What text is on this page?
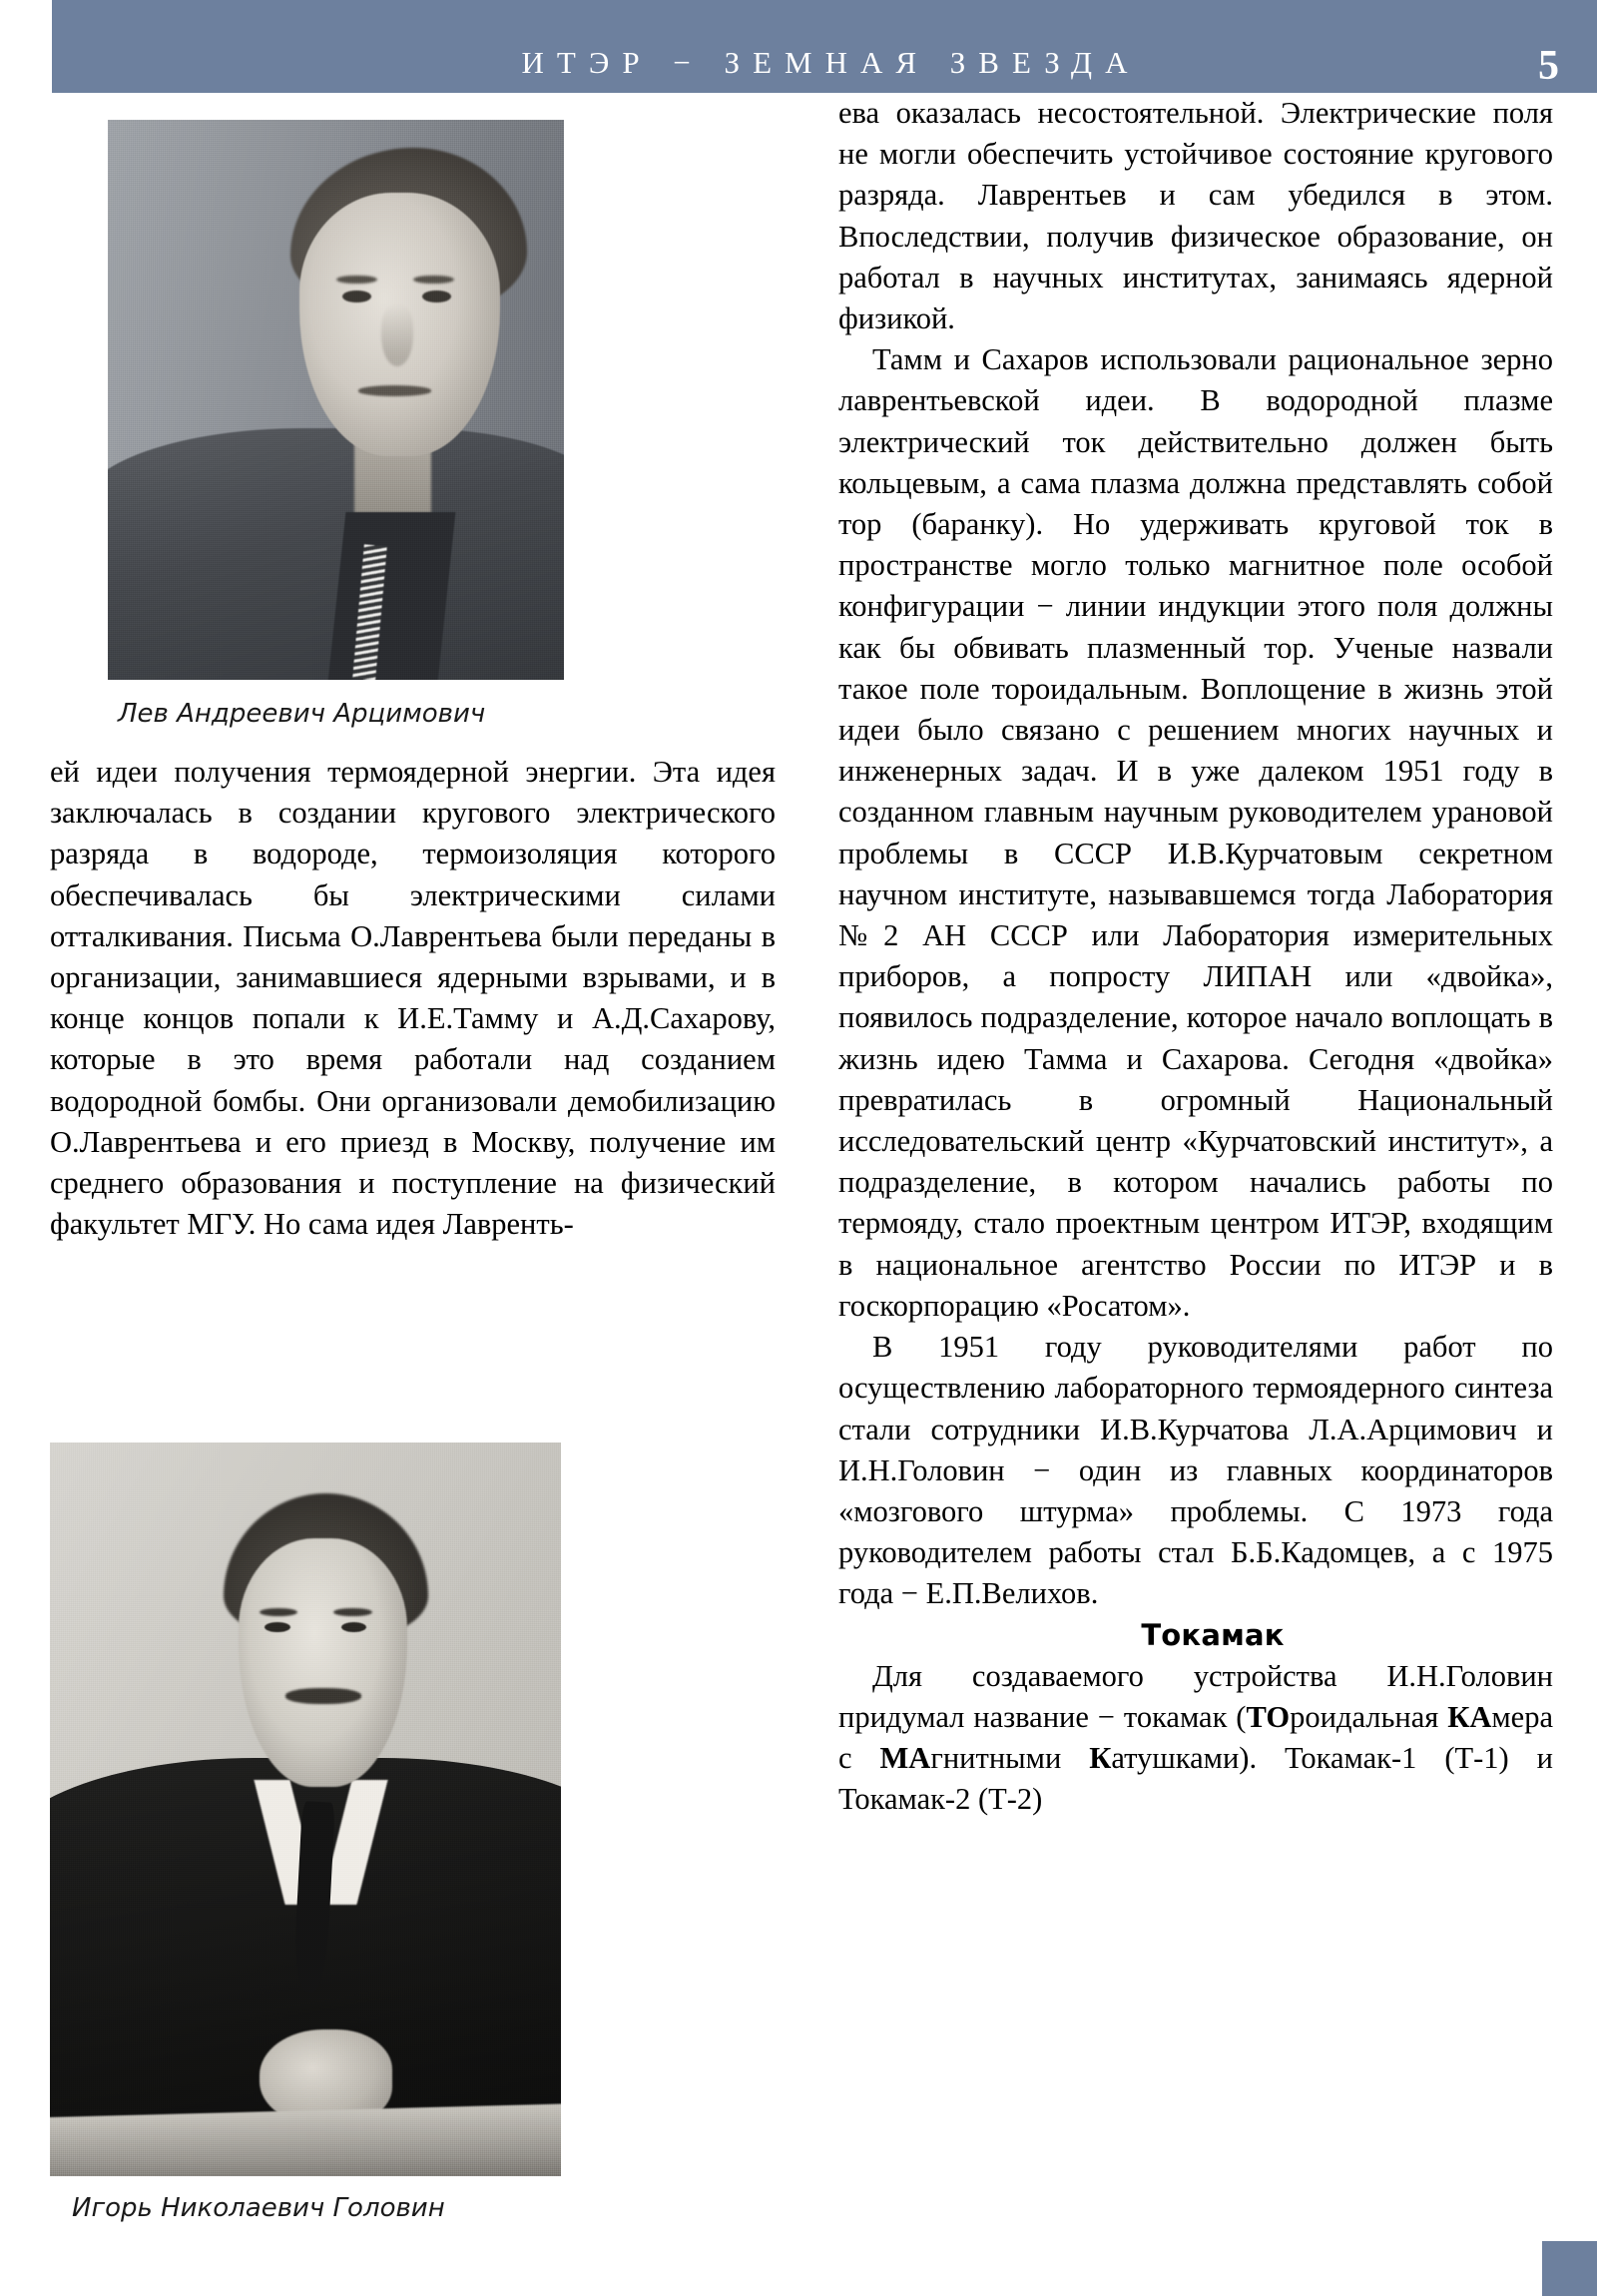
ИТЭР − ЗЕМНАЯ ЗВЕЗДА	5
Лев Андреевич Арцимович

ей идеи получения термоядерной энергии. Эта идея заключалась в создании кругового электрического разряда в водороде, термоизоляция которого обеспечивалась бы электрическими силами отталкивания. Письма О.Лаврентьева были переданы в организации, занимавшиеся ядерными взрывами, и в конце концов попали к И.Е.Тамму и А.Д.Сахарову, которые в это время работали над созданием водородной бомбы. Они организовали демобилизацию О.Лаврентьева и его приезд в Москву, получение им среднего образования и поступление на физический факультет МГУ. Но сама идея Лавренть-

Игорь Николаевич Головин

ева оказалась несостоятельной. Электрические поля не могли обеспечить устойчивое состояние кругового разряда. Лаврентьев и сам убедился в этом. Впоследствии, получив физическое образование, он работал в научных институтах, занимаясь ядерной физикой.

Тамм и Сахаров использовали рациональное зерно лаврентьевской идеи. В водородной плазме электрический ток действительно должен быть кольцевым, а сама плазма должна представлять собой тор (баранку). Но удерживать круговой ток в пространстве могло только магнитное поле особой конфигурации − линии индукции этого поля должны как бы обвивать плазменный тор. Ученые назвали такое поле тороидальным. Воплощение в жизнь этой идеи было связано с решением многих научных и инженерных задач. И в уже далеком 1951 году в созданном главным научным руководителем урановой проблемы в СССР И.В.Курчатовым секретном научном институте, называвшемся тогда Лаборатория №2 АН СССР или Лаборатория измерительных приборов, а попросту ЛИПАН или «двойка», появилось подразделение, которое начало воплощать в жизнь идею Тамма и Сахарова. Сегодня «двойка» превратилась в огромный Национальный исследовательский центр «Курчатовский институт», а подразделение, в котором начались работы по термояду, стало проектным центром ИТЭР, входящим в национальное агентство России по ИТЭР и в госкорпорацию «Росатом».

В 1951 году руководителями работ по осуществлению лабораторного термоядерного синтеза стали сотрудники И.В.Курчатова Л.А.Арцимович и И.Н.Головин − один из главных координаторов «мозгового штурма» проблемы. С 1973 года руководителем работы стал Б.Б.Кадомцев, а с 1975 года − Е.П.Велихов.

Токамак

Для создаваемого устройства И.Н.Головин придумал название − токамак (ТОроидальная КАмера с МАгнитными Катушками). Токамак-1 (Т-1) и Токамак-2 (Т-2)
